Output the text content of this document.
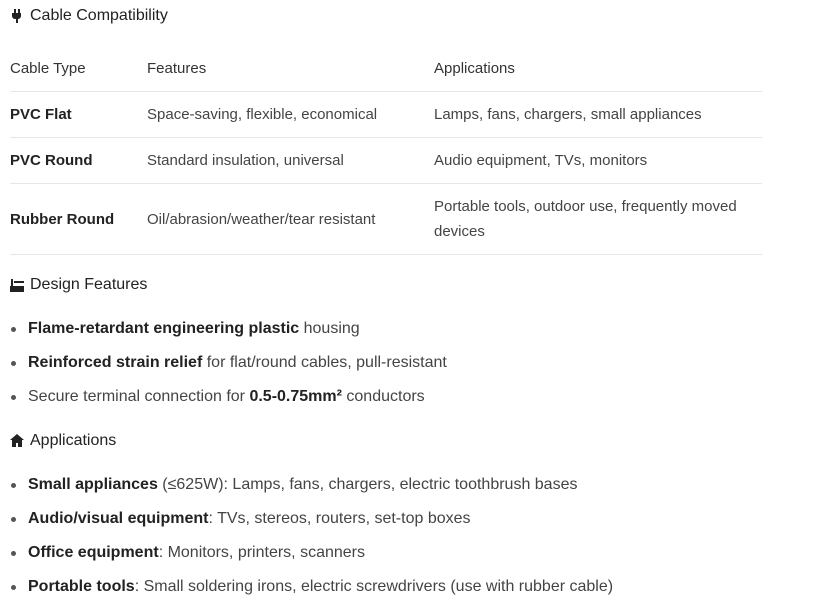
Cable Compatibility
Cable Type	Features	Applications
PVC Flat	Space-saving, flexible, economical	Lamps, fans, chargers, small appliances
PVC Round	Standard insulation, universal	Audio equipment, TVs, monitors
Rubber Round	Oil/abrasion/weather/tear resistant	Portable tools, outdoor use, frequently moved devices
Design Features
Flame-retardant engineering plastic housing
Reinforced strain relief for flat/round cables, pull-resistant
Secure terminal connection for 0.5-0.75mm² conductors
Applications
Small appliances (≤625W): Lamps, fans, chargers, electric toothbrush bases
Audio/visual equipment: TVs, stereos, routers, set-top boxes
Office equipment: Monitors, printers, scanners
Portable tools: Small soldering irons, electric screwdrivers (use with rubber cable)
